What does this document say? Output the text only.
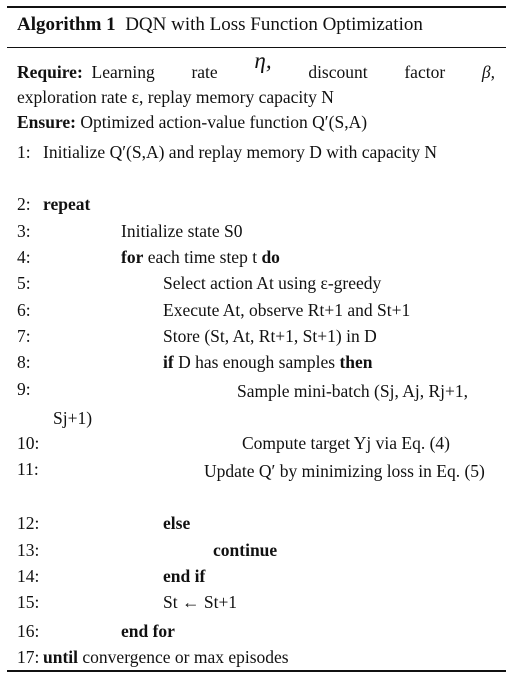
Algorithm 1 DQN with Loss Function Optimization
Require: Learning rate η, discount factor β,
exploration rate ε, replay memory capacity N
Ensure: Optimized action-value function Q′(S,A)
1: Initialize Q′(S,A) and replay memory D with capacity N
2: repeat
3:	Initialize state S0
4:	for each time step t do
5:	Select action At using ε-greedy
6:	Execute At, observe Rt+1 and St+1
7:	Store (St, At, Rt+1, St+1) in D
8:	if D has enough samples then
9:	Sample mini-batch (Sj, Aj, Rj+1, Sj+1)
10:	Compute target Yj via Eq. (4)
11:	Update Q′ by minimizing loss in Eq. (5)
12:	else
13:	continue
14:	end if
15:	St ← St+1
16:	end for
17: until convergence or max episodes
